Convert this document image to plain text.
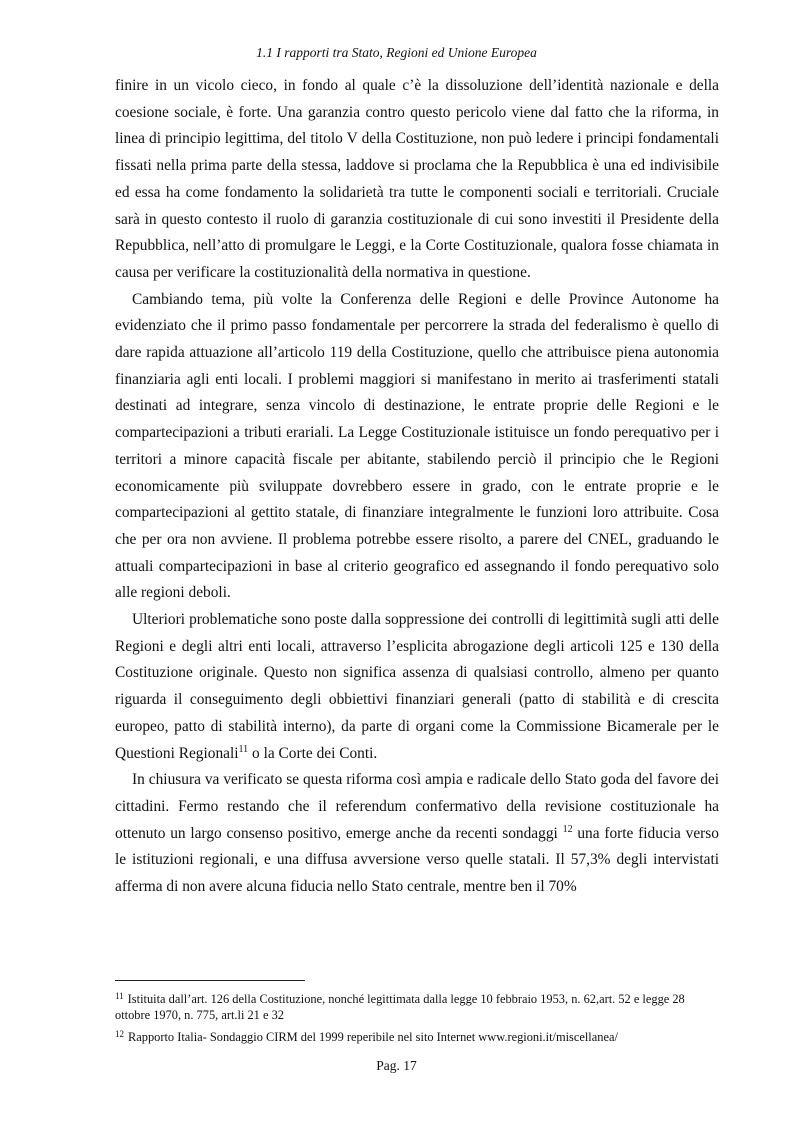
1.1 I rapporti tra Stato, Regioni ed Unione Europea

finire in un vicolo cieco, in fondo al quale c’è la dissoluzione dell’identità nazionale e della coesione sociale, è forte. Una garanzia contro questo pericolo viene dal fatto che la riforma, in linea di principio legittima, del titolo V della Costituzione, non può ledere i principi fondamentali fissati nella prima parte della stessa, laddove si proclama che la Repubblica è una ed indivisibile ed essa ha come fondamento la solidarietà tra tutte le componenti sociali e territoriali. Cruciale sarà in questo contesto il ruolo di garanzia costituzionale di cui sono investiti il Presidente della Repubblica, nell’atto di promulgare le Leggi, e la Corte Costituzionale, qualora fosse chiamata in causa per verificare la costituzionalità della normativa in questione.

Cambiando tema, più volte la Conferenza delle Regioni e delle Province Autonome ha evidenziato che il primo passo fondamentale per percorrere la strada del federalismo è quello di dare rapida attuazione all’articolo 119 della Costituzione, quello che attribuisce piena autonomia finanziaria agli enti locali. I problemi maggiori si manifestano in merito ai trasferimenti statali destinati ad integrare, senza vincolo di destinazione, le entrate proprie delle Regioni e le compartecipazioni a tributi erariali. La Legge Costituzionale istituisce un fondo perequativo per i territori a minore capacità fiscale per abitante, stabilendo perciò il principio che le Regioni economicamente più sviluppate dovrebbero essere in grado, con le entrate proprie e le compartecipazioni al gettito statale, di finanziare integralmente le funzioni loro attribuite. Cosa che per ora non avviene. Il problema potrebbe essere risolto, a parere del CNEL, graduando le attuali compartecipazioni in base al criterio geografico ed assegnando il fondo perequativo solo alle regioni deboli.

Ulteriori problematiche sono poste dalla soppressione dei controlli di legittimità sugli atti delle Regioni e degli altri enti locali, attraverso l’esplicita abrogazione degli articoli 125 e 130 della Costituzione originale. Questo non significa assenza di qualsiasi controllo, almeno per quanto riguarda il conseguimento degli obbiettivi finanziari generali (patto di stabilità e di crescita europeo, patto di stabilità interno), da parte di organi come la Commissione Bicamerale per le Questioni Regionali$^{11}$ o la Corte dei Conti.

In chiusura va verificato se questa riforma così ampia e radicale dello Stato goda del favore dei cittadini. Fermo restando che il referendum confermativo della revisione costituzionale ha ottenuto un largo consenso positivo, emerge anche da recenti sondaggi $^{12}$ una forte fiducia verso le istituzioni regionali, e una diffusa avversione verso quelle statali. Il 57,3% degli intervistati afferma di non avere alcuna fiducia nello Stato centrale, mentre ben il 70%

$^{11}$ Istituita dall’art. 126 della Costituzione, nonché legittimata dalla legge 10 febbraio 1953, n. 62,art. 52 e legge 28 ottobre 1970, n. 775, art.li 21 e 32

$^{12}$ Rapporto Italia- Sondaggio CIRM del 1999 reperibile nel sito Internet www.regioni.it/miscellanea/

Pag. 17
